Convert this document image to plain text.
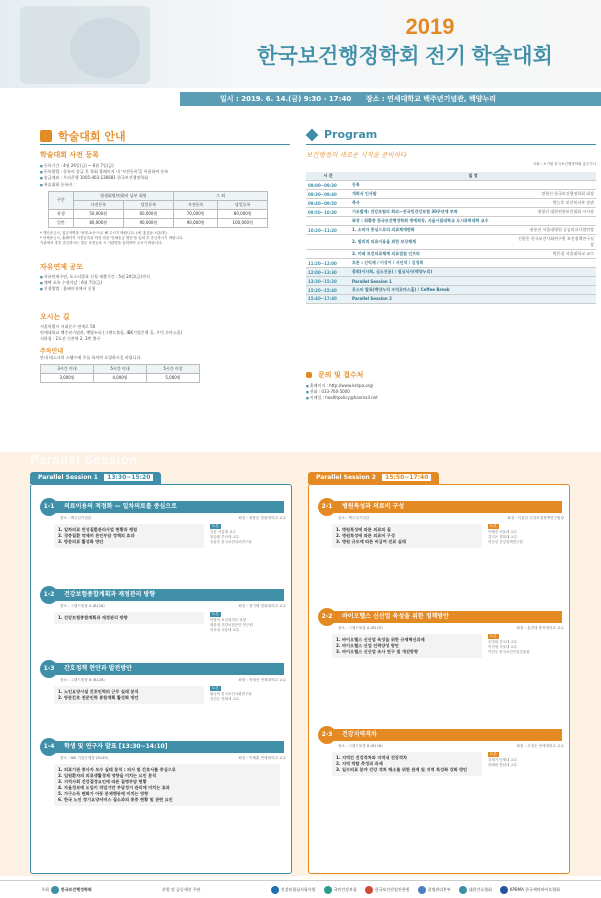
2019
한국보건행정학회 전기 학술대회
일시 : 2019. 6. 14.(금) 9:30 - 17:40 장소 : 연세대학교 백주년기념관, 백양누리
학술대회 안내
학술대회 사전 등록
■ 등록기간 : 4월 26일(금) ~ 6월 7일(금)
■ 등록방법 : 등록비 송금 후 학회 홈페이지 내 '사전등록'을 이용하여 등록
■ 송금계좌 : 우리은행 1005-403-136681 한국보건행정학회
■ 학술대회 등록비 :
구분	평생회원/연회비 납부 회원		그 외	
	사전등록	당일등록	사전등록	당일등록
학생	50,000원	60,000원	70,000원	80,000원
일반	80,000원	90,000원	90,000원	100,000원
* 개인송금시, 입금자명을 '성명-소속'으로 해 주시기 바랍니다. (예 '홍길동-서울대')
* 단체송금시, 홈페이지 사전등록을 하신 다음 '단체송금 명단'을 입력 후 송금하시기 바랍니다.
기관에서 추후 송금하시는 경우 사전등록 시 기관명을 입력하여 주시기 바랍니다.
자유연제 공모
■ 자유연제구연, 포스터발표 신청 제출기간 : 5월 24일(금)까지
■ 채택 초록 수정마감 : 6월 7일(금)
■ 신청방법 : 홈페이지에서 신청
오시는 길
서울특별시 서대문구 연세로 50
연세대학교 백주년기념관, 백양누리 (그랜드볼룸, IBK기업은행 홀, 우덕 로마스홀)
지하철 : 2호선 신촌역 2, 3번 출구
주차안내
안내 데스크의 스탬프에 주를 하셔야 요청하시길 바랍니다.
3시간 이내	5시간 이내	5시간 이상
3,000원	4,000원	5,000원
Program
보건행정의 새로운 시작을 준비하다
사회 : 조기원 한국보건행정학회 총무이사
시 간	일 정	
09:00~09:30	등록	
09:30~09:40	개회식 인사말	정형선 한국보건행정학회 회장
09:40~09:50	축사	박능후 보건복지부 장관
09:50~10:30	기조발제: 건강보험의 회피—전국민건강보험 30주년에 부쳐	정형선 대한연관보건협회 이사장
	좌장 : 최황종 한국보건행정학회 명예회장, 서울시립대학교 도시과학대학 교수	
10:20~11:20	1. 소비자 중심으로의 의료체계변화	권용진 서울대병원 공공의료사업단장
	2. 합리적 의료이용을 위한 보상체계	신현웅 한국보건사회연구원 보건정책연구실장
	3. 미래 보건의료체계 의료접점 인프라	박은철 서울대학교 교수
11:20~12:00	토론 : 신익재 / 이상이 / 서인석 / 김정희	
12:00~13:30	총회(이사회, 심소진용) / 점심식사(백양누리)	
13:30~15:20	Parallel Session 1	
15:20~15:40	포스터 발표(백양누리 우덕로마스홀) / Coffee Break	
15:40~17:40	Parallel Session 2	
문의 및 접수처
■ 홈페이지 : http://www.kshpa.org/
■ 전화 : 033-760-5000
■ 이메일 : healthpolicy@hanmail.net
Parallel Session
Parallel Session 1 13:30~15:20	Parallel Session 2 15:50~17:40
1-1	의료이용의 적정화 — 일차의료를 중심으로
장소 : 백주년기념관	좌장 : 최용준 한림대학교 교수
1. 일차의료 만성질환관리사업 현황과 쟁점
2. 경증질환 약제비 본인부담 정책의 효과
3. 방문의료 활성화 방안
토론
김윤 서울대 교수
한승환 부산대 교수
송윤후 한국보건의료연구원
1-2	건강보험종합계획과 재정관리 방향
장소 : 그랜드볼룸 A (B126)	좌장 : 정기택 경희대학교 교수
1. 건강보험종합계획과 재정관리 방향
토론
이왕석 보건복지부 과장
최윤정 건강보험공단 연구원
이호성 서울대 교수
1-3	간호정책 현안과 발전방안
장소 : 그랜드볼룸 B (B126)	좌장 : 정형선 연세대학교 교수
1. 노인요양시설 간호인력의 근무 실태 분석
2. 방문간호 전문인력 통합계획 활성화 방안
토론
황나미 한국보건사회연구원
김진수 연세대 교수
1-4	학생 및 연구자 발표 [13:30~14:10]
장소 : IBK 기업은행홀 (B149)	좌장 : 이혜훈 연세대학교 교수
1. 의료기관 종사자 보수 실태 분석 : 의사 및 간호사를 중심으로
2. 입원환자의 의료생활경제 영향을 미치는 요인 분석
3. 지역사회 건강결정요인에 따른 질병부담 현황
4. 자율정보에 도입이 작업기반 부담정거 관리에 미치는 효과
5. 가구소득 변화가 아동 문제행동에 미치는 영향
6. 한국 노인 장기요양서비스 질소과의 통증 현황 및 관련 요인
2-1	병원특성과 의료비 구성
장소 : 백주년기념관	좌장 : 이용갑 건강보험정책연구원장
1. 병원특성에 따른 의료의 질
2. 병원특성에 따른 의료비 구성
3. 병원 규모에 따른 비급여 진료 실태
토론
이혜진 서울대 교수
김지은 경희대 교수
허순임 건강정책연구원
2-2	바이오헬스 신산업 육성을 위한 정책방안
장소 : 그랜드볼룸 A (B125)	좌장 : 홍진태 충북대학교 교수
1. 바이오헬스 신산업 육성을 위한 규제혁신과제
2. 바이오헬스 산업 인력양성 방안
3. 바이오헬스 신산업 조사 연구 및 개선방향
토론
송영희 건국대 교수
이서영 서울대 교수
이진우 한국보건산업진흥원
2-3	건강지역격차
장소 : 그랜드볼룸 B (B126)	좌장 : 서경준 연세대학교 교수
1. 지역간 건강격차와 지역내 건강격차
2. 지역 박탈 측정과 과제
3. 일수의료 분야 건강 격차 해소를 위한 관계 및 지역 특성화 강화 방안
토론
김재기 인제대 교수
남혜원 충남대 교수
주최	한국보건행정학회	후원 및 공동세션 주관	건강보험심사평가원	국민건강보험	한국보건산업진흥원	질병관리본부	대한간호협회	KPBMA 한국제약바이오협회
